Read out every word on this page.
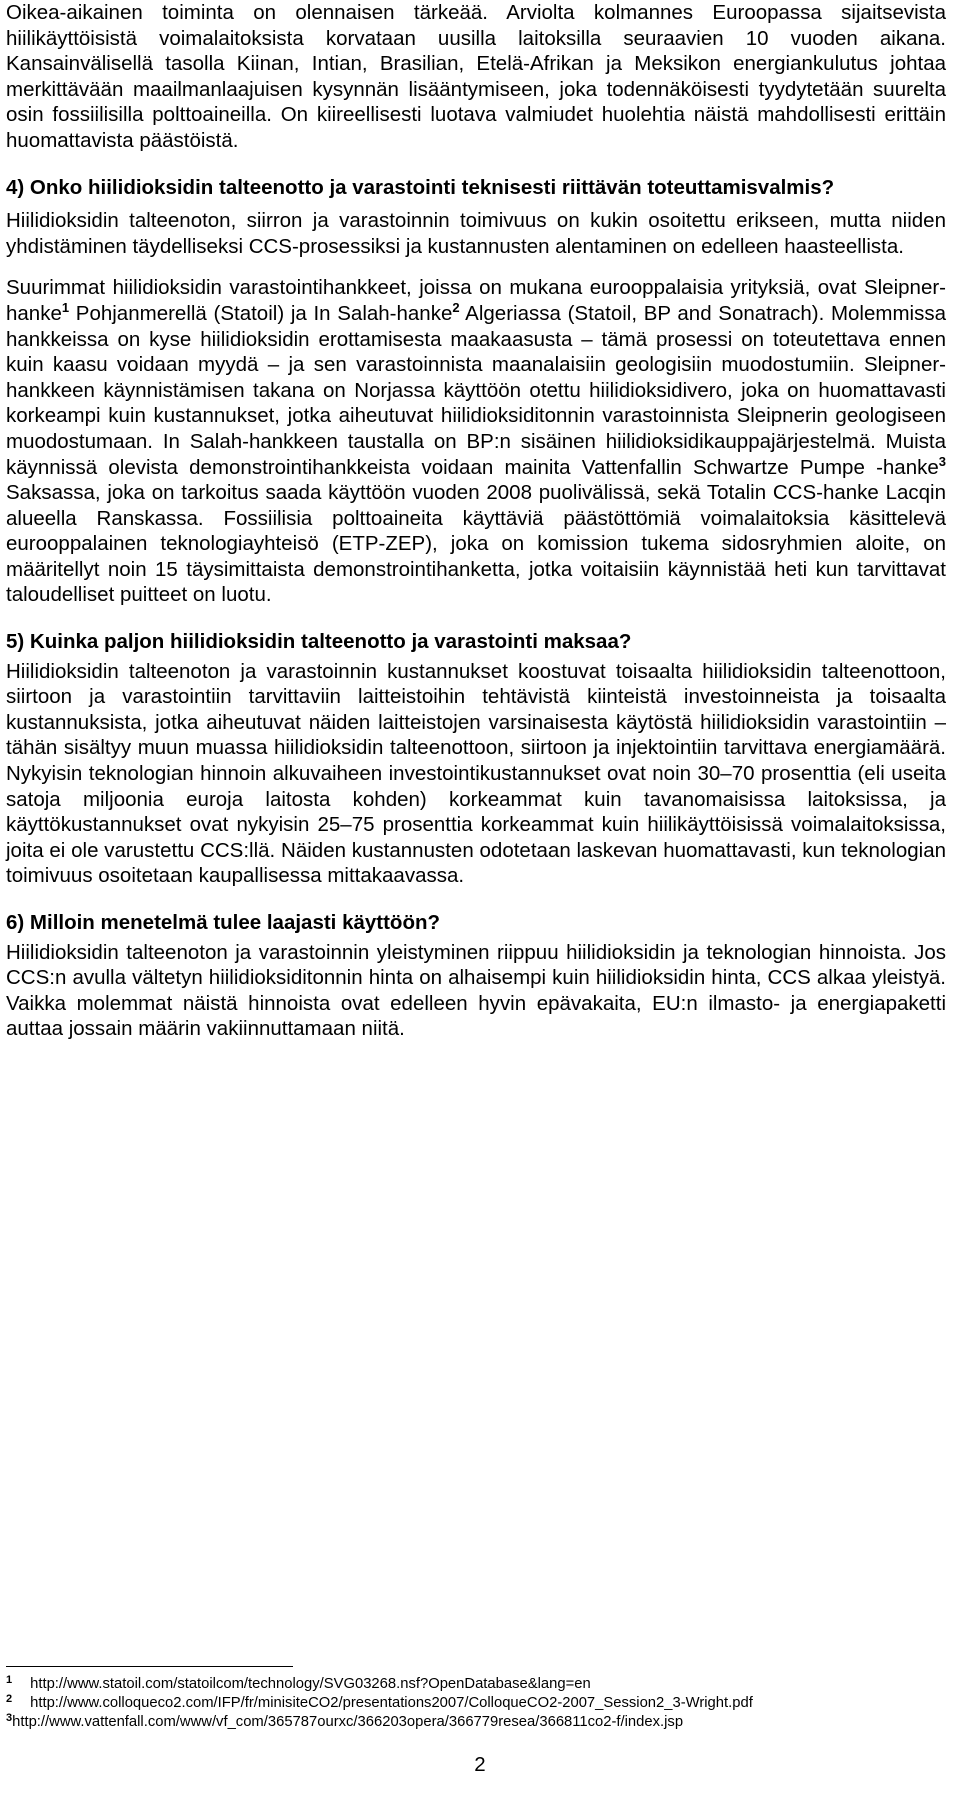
Oikea-aikainen toiminta on olennaisen tärkeää. Arviolta kolmannes Euroopassa sijaitsevista hiilikäyttöisistä voimalaitoksista korvataan uusilla laitoksilla seuraavien 10 vuoden aikana. Kansainvälisellä tasolla Kiinan, Intian, Brasilian, Etelä-Afrikan ja Meksikon energiankulutus johtaa merkittävään maailmanlaajuisen kysynnän lisääntymiseen, joka todennäköisesti tyydytetään suurelta osin fossiilisilla polttoaineilla. On kiireellisesti luotava valmiudet huolehtia näistä mahdollisesti erittäin huomattavista päästöistä.

4) Onko hiilidioksidin talteenotto ja varastointi teknisesti riittävän toteuttamisvalmis?

Hiilidioksidin talteenoton, siirron ja varastoinnin toimivuus on kukin osoitettu erikseen, mutta niiden yhdistäminen täydelliseksi CCS-prosessiksi ja kustannusten alentaminen on edelleen haasteellista.

Suurimmat hiilidioksidin varastointihankkeet, joissa on mukana eurooppalaisia yrityksiä, ovat Sleipner-hanke$^1$ Pohjanmerellä (Statoil) ja In Salah-hanke$^2$ Algeriassa (Statoil, BP and Sonatrach). Molemmissa hankkeissa on kyse hiilidioksidin erottamisesta maakaasusta – tämä prosessi on toteutettava ennen kuin kaasu voidaan myydä – ja sen varastoinnista maanalaisiin geologisiin muodostumiin. Sleipner-hankkeen käynnistämisen takana on Norjassa käyttöön otettu hiilidioksidivero, joka on huomattavasti korkeampi kuin kustannukset, jotka aiheutuvat hiilidioksiditonnin varastoinnista Sleipnerin geologiseen muodostumaan. In Salah-hankkeen taustalla on BP:n sisäinen hiilidioksidikauppajärjestelmä. Muista käynnissä olevista demonstrointihankkeista voidaan mainita Vattenfallin Schwartze Pumpe -hanke$^3$ Saksassa, joka on tarkoitus saada käyttöön vuoden 2008 puolivälissä, sekä Totalin CCS-hanke Lacqin alueella Ranskassa. Fossiilisia polttoaineita käyttäviä päästöttömiä voimalaitoksia käsittelevä eurooppalainen teknologiayhteisö (ETP-ZEP), joka on komission tukema sidosryhmien aloite, on määritellyt noin 15 täysimittaista demonstrointihanketta, jotka voitaisiin käynnistää heti kun tarvittavat taloudelliset puitteet on luotu.

5) Kuinka paljon hiilidioksidin talteenotto ja varastointi maksaa?

Hiilidioksidin talteenoton ja varastoinnin kustannukset koostuvat toisaalta hiilidioksidin talteenottoon, siirtoon ja varastointiin tarvittaviin laitteistoihin tehtävistä kiinteistä investoinneista ja toisaalta kustannuksista, jotka aiheutuvat näiden laitteistojen varsinaisesta käytöstä hiilidioksidin varastointiin – tähän sisältyy muun muassa hiilidioksidin talteenottoon, siirtoon ja injektointiin tarvittava energiamäärä. Nykyisin teknologian hinnoin alkuvaiheen investointikustannukset ovat noin 30–70 prosenttia (eli useita satoja miljoonia euroja laitosta kohden) korkeammat kuin tavanomaisissa laitoksissa, ja käyttökustannukset ovat nykyisin 25–75 prosenttia korkeammat kuin hiilikäyttöisissä voimalaitoksissa, joita ei ole varustettu CCS:llä. Näiden kustannusten odotetaan laskevan huomattavasti, kun teknologian toimivuus osoitetaan kaupallisessa mittakaavassa.

6) Milloin menetelmä tulee laajasti käyttöön?

Hiilidioksidin talteenoton ja varastoinnin yleistyminen riippuu hiilidioksidin ja teknologian hinnoista. Jos CCS:n avulla vältetyn hiilidioksiditonnin hinta on alhaisempi kuin hiilidioksidin hinta, CCS alkaa yleistyä. Vaikka molemmat näistä hinnoista ovat edelleen hyvin epävakaita, EU:n ilmasto- ja energiapaketti auttaa jossain määrin vakiinnuttamaan niitä.

$^1$ http://www.statoil.com/statoilcom/technology/SVG03268.nsf?OpenDatabase&lang=en
$^2$ http://www.colloqueco2.com/IFP/fr/minisiteCO2/presentations2007/ColloqueCO2-2007_Session2_3-Wright.pdf
$^3$http://www.vattenfall.com/www/vf_com/365787ourxc/366203opera/366779resea/366811co2-f/index.jsp
2
